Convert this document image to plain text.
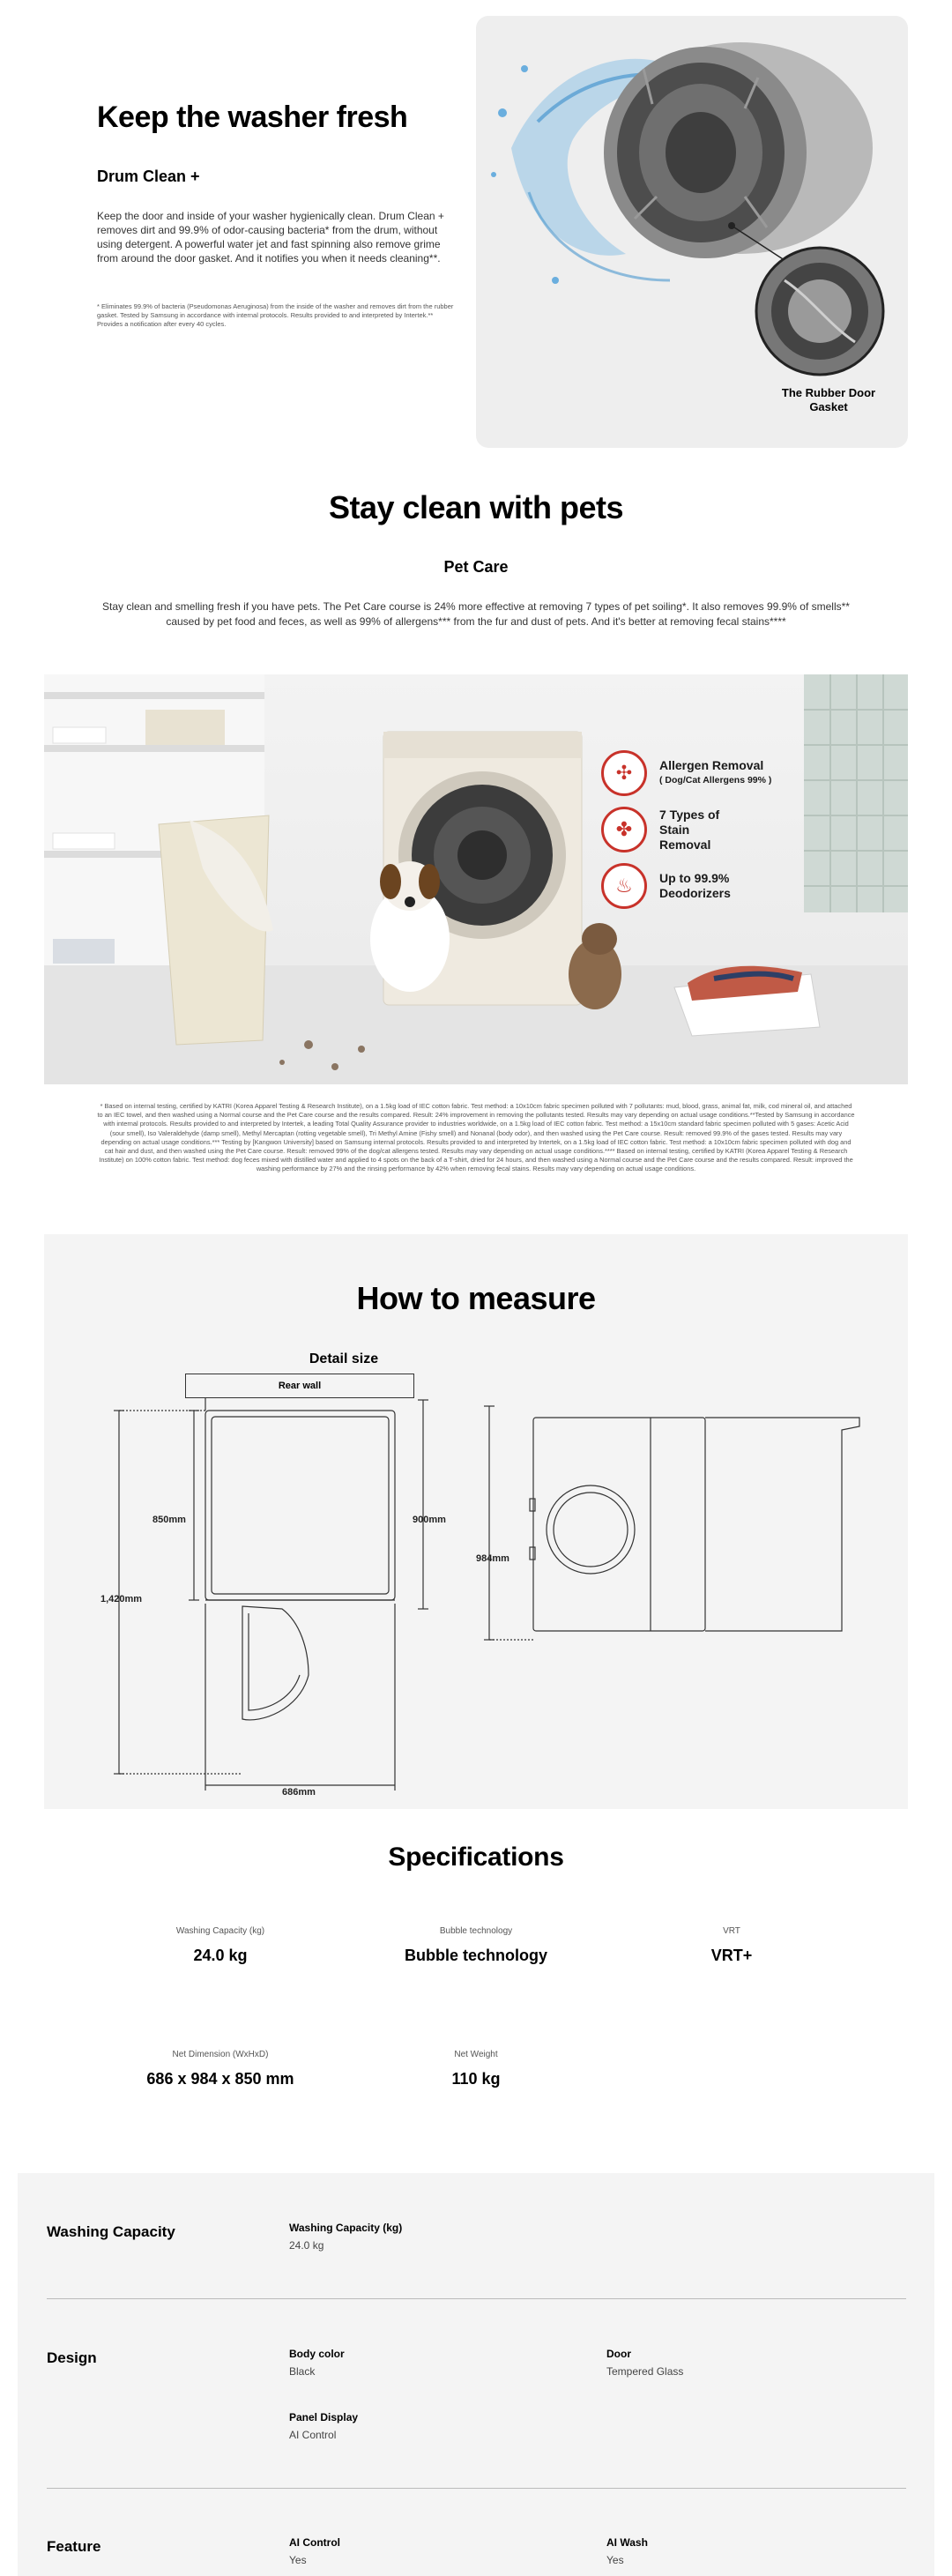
Keep the washer fresh
Drum Clean +

Keep the door and inside of your washer hygienically clean. Drum Clean + removes dirt and 99.9% of odor-causing bacteria* from the drum, without using detergent. A powerful water jet and fast spinning also remove grime from around the door gasket. And it notifies you when it needs cleaning**.

* Eliminates 99.9% of bacteria (Pseudomonas Aeruginosa) from the inside of the washer and removes dirt from the rubber gasket. Tested by Samsung in accordance with internal protocols. Results provided to and interpreted by Intertek.** Provides a notification after every 40 cycles.

The Rubber Door Gasket
Stay clean with pets
Pet Care

Stay clean and smelling fresh if you have pets. The Pet Care course is 24% more effective at removing 7 types of pet soiling*. It also removes 99.9% of smells** caused by pet food and feces, as well as 99% of allergens*** from the fur and dust of pets. And it's better at removing fecal stains****

✣	Allergen Removal
( Dog/Cat Allergens 99% )
✤
7 Types of Stain Removal
♨	Up to 99.9% Deodorizers

* Based on internal testing, certified by KATRI (Korea Apparel Testing & Research Institute), on a 1.5kg load of IEC cotton fabric. Test method: a 10x10cm fabric specimen polluted with 7 pollutants: mud, blood, grass, animal fat, milk, cod mineral oil, and attached to an IEC towel, and then washed using a Normal course and the Pet Care course and the results compared. Result: 24% improvement in removing the pollutants tested. Results may vary depending on actual usage conditions.**Tested by Samsung in accordance with internal protocols. Results provided to and interpreted by Intertek, a leading Total Quality Assurance provider to industries worldwide, on a 1.5kg load of IEC cotton fabric. Test method: a 15x10cm standard fabric specimen polluted with 5 gases: Acetic Acid (sour smell), Iso Valeraldehyde (damp smell), Methyl Mercaptan (rotting vegetable smell), Tri Methyl Amine (Fishy smell) and Nonanal (body odor), and then washed using the Pet Care course. Result: removed 99.9% of the gases tested. Results may vary depending on actual usage conditions.*** Testing by [Kangwon University] based on Samsung internal protocols. Results provided to and interpreted by Intertek, on a 1.5kg load of IEC cotton fabric. Test method: a 10x10cm fabric specimen polluted with dog and cat hair and dust, and then washed using the Pet Care course. Result: removed 99% of the dog/cat allergens tested. Results may vary depending on actual usage conditions.**** Based on internal testing, certified by KATRI (Korea Apparel Testing & Research Institute) on 100% cotton fabric. Test method: dog feces mixed with distilled water and applied to 4 spots on the back of a T-shirt, dried for 24 hours, and then washed using a Normal course and the Pet Care course and the results compared. Result: improved the washing performance by 27% and the rinsing performance by 42% when removing fecal stains. Results may vary depending on actual usage conditions.

How to measure
Detail size
Rear wall
850mm	900mm
1,420mm
686mm
984mm
Specifications
Washing Capacity (kg)
24.0 kg
Bubble technology
Bubble technology
VRT
VRT+
Net Dimension (WxHxD)
686 x 984 x 850 mm
Net Weight
110 kg
Washing Capacity	Washing Capacity (kg)
24.0 kg
Design	Body color
Black
Door
Tempered Glass
Panel Display
AI Control
Feature	AI Control
Yes
AI Wash
Yes
